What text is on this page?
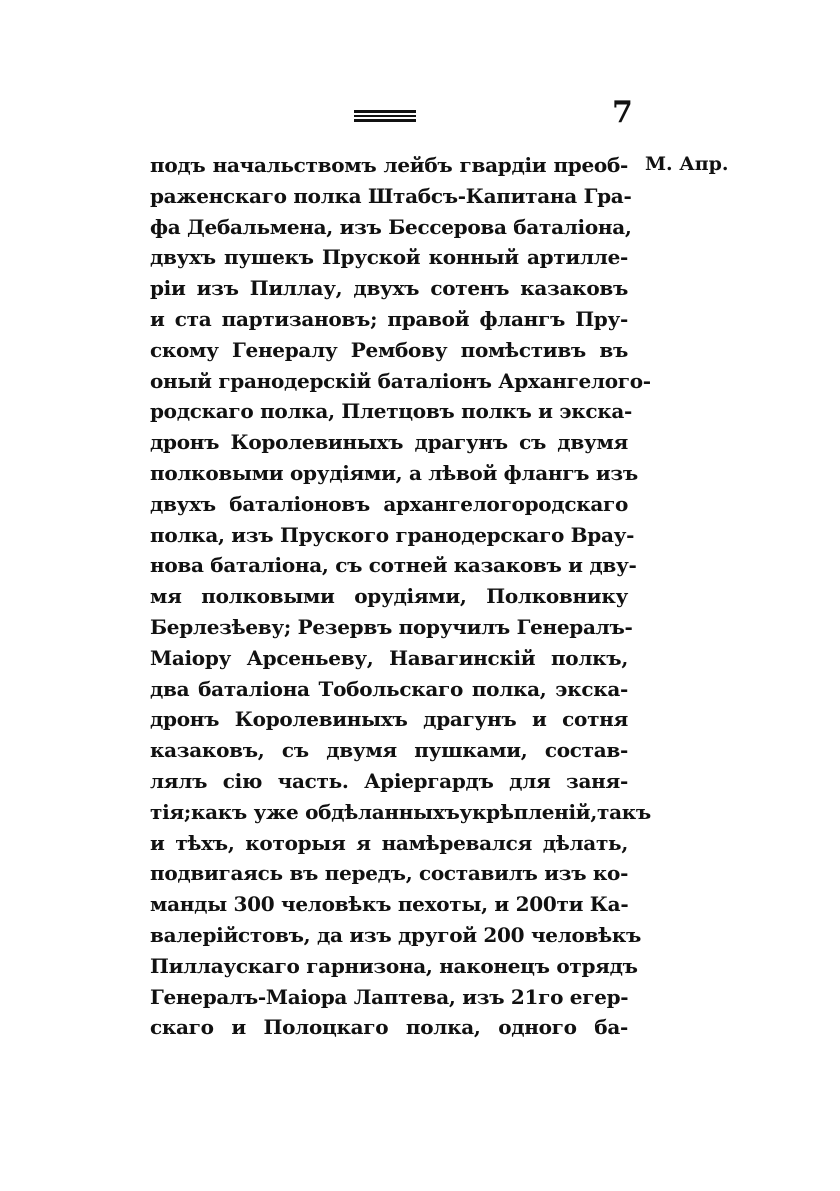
7
М. Апр.
подъ начальствомъ лейбъ гвардіи преоб-
раженскаго полка Штабсъ-Капитана Гра-
фа Дебальмена, изъ Бессерова баталіона,
двухъ пушекъ Пруской конный артилле-
ріи изъ Пиллау, двухъ сотенъ казаковъ
и ста партизановъ; правой флангъ Пру-
скому Генералу Рембову помѣстивъ въ
оный гранодерскій баталіонъ Архангелого-
родскаго полка, Плетцовъ полкъ и экска-
дронъ Королевиныхъ драгунъ съ двумя
полковыми орудіями, а лѣвой флангъ изъ
двухъ баталіоновъ архангелогородскаго
полка, изъ Пруского гранодерскаго Врау-
нова баталіона, съ сотней казаковъ и дву-
мя полковыми орудіями, Полковнику
Берлезѣеву; Резервъ поручилъ Генералъ-
Маіору Арсеньеву, Навагинскій полкъ,
два баталіона Тобольскаго полка, экска-
дронъ Королевиныхъ драгунъ и сотня
казаковъ, съ двумя пушками, состав-
лялъ сію часть. Аріергардъ для заня-
тія;какъ уже обдѣланныхъукрѣпленій,такъ
и тѣхъ, которыя я намѣревался дѣлать,
подвигаясь въ передъ, составилъ изъ ко-
манды 300 человѣкъ пехоты, и 200ти Ка-
валерійстовъ, да изъ другой 200 человѣкъ
Пиллаускаго гарнизона, наконецъ отрядъ
Генералъ-Маіора Лаптева, изъ 21го егер-
скаго и Полоцкаго полка, одного ба-
